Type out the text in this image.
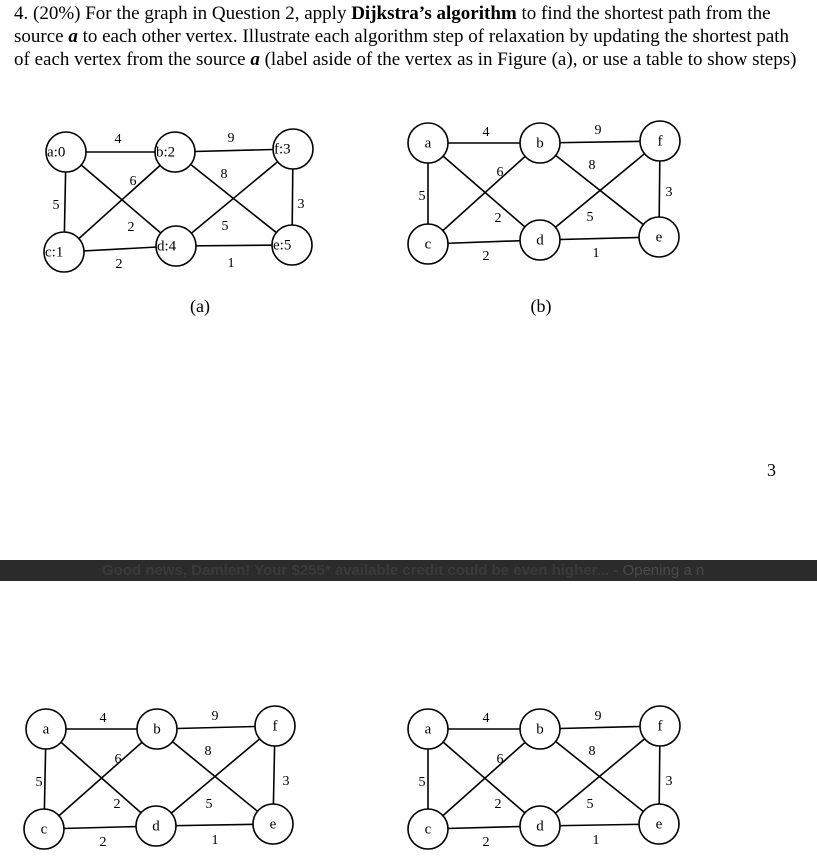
4. (20%) For the graph in Question 2, apply Dijkstra’s algorithm to find the shortest path from the source a to each other vertex. Illustrate each algorithm step of relaxation by updating the shortest path of each vertex from the source a (label aside of the vertex as in Figure (a), or use a table to show steps)

4	9
5	3
2	1
6
2
8
5
a:0	b:2
c:1	d:4	e:5
f:3
4	9
5	3
2	1
6
2
8
5
a	b
c	d	e
f
4	9
5	3
2	1
6
2
8
5
a	b
c	d	e
f	4	9
5	3
2	1
6
2
8
5
a	b
c	d	e
f
(a)	(b)
3
Good news, Damien! Your $255* available credit could be even higher... - Opening a n
